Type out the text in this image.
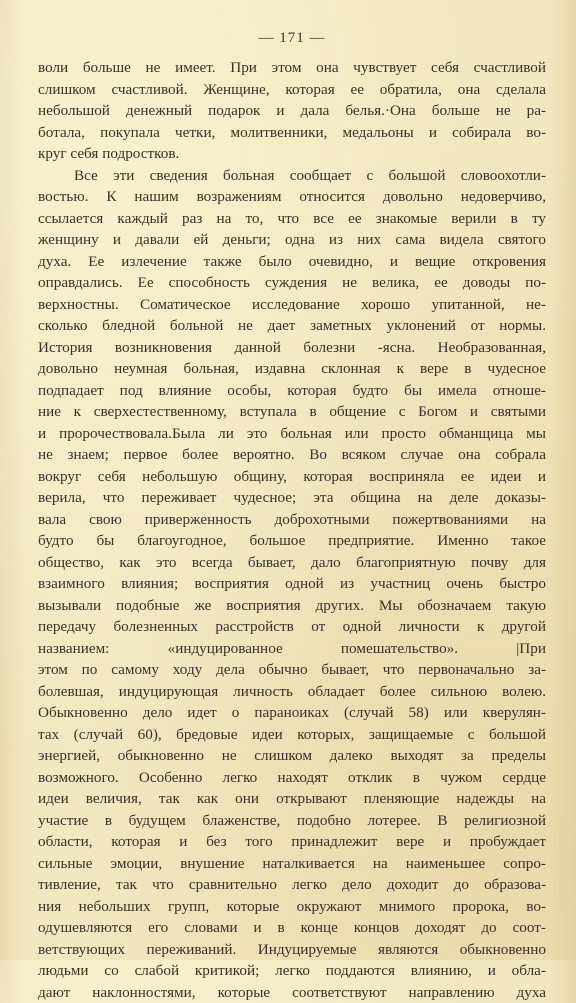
— 171 —
воли больше не имеет. При этом она чувствует себя счастливой
слишком счастливой. Женщине, которая ее обратила, она сделала
небольшой денежный подарок и дала белья.·Она больше не ра-
ботала, покупала четки, молитвенники, медальоны и собирала во-
круг себя подростков.
Все эти сведения больная сообщает с большой словоохотли-
востью. К нашим возражениям относится довольно недоверчиво,
ссылается каждый раз на то, что все ее знакомые верили в ту
женщину и давали ей деньги; одна из них сама видела святого
духа. Ее излечение также было очевидно, и вещие откровения
оправдались. Ее способность суждения не велика, ее доводы по-
верхностны. Соматическое исследование хорошо упитанной, не-
сколько бледной больной не дает заметных уклонений от нормы.
История возникновения данной болезни -ясна. Необразованная,
довольно неумная больная, издавна склонная к вере в чудесное
подпадает под влияние особы, которая будто бы имела отноше-
ние к сверхестественному, вступала в общение с Богом и святыми
и пророчествовала.Была ли это больная или просто обманщица мы
не знаем; первое более вероятно. Во всяком случае она собрала
вокруг себя небольшую общину, которая восприняла ее идеи и
верила, что переживает чудесное; эта община на деле доказы-
вала свою приверженность доброхотными пожертвованиями на
будто бы благоугодное, большое предприятие. Именно такое
общество, как это всегда бывает, дало благоприятную почву для
взаимного влияния; восприятия одной из участниц очень быстро
вызывали подобные же восприятия других. Мы обозначаем такую
передачу болезненных расстройств от одной личности к другой
названием: «индуцированное помешательство». |При
этом по самому ходу дела обычно бывает, что первоначально за-
болевшая, индуцирующая личность обладает более сильною волею.
Обыкновенно дело идет о параноиках (случай 58) или кверулян-
тах (случай 60), бредовые идеи которых, защищаемые с большой
энергией, обыкновенно не слишком далеко выходят за пределы
возможного. Особенно легко находят отклик в чужом сердце
идеи величия, так как они открывают пленяющие надежды на
участие в будущем блаженстве, подобно лотерее. В религиозной
области, которая и без того принадлежит вере и пробуждает
сильные эмоции, внушение наталкивается на наименьшее сопро-
тивление, так что сравнительно легко дело доходит до образова-
ния небольших групп, которые окружают мнимого пророка, во-
одушевляются его словами и в конце концов доходят до соот-
ветствующих переживаний. Индуцируемые являются обыкновенно
людьми со слабой критикой; легко поддаются влиянию, и обла-
дают наклонностями, которые соответствуют направлению духа
